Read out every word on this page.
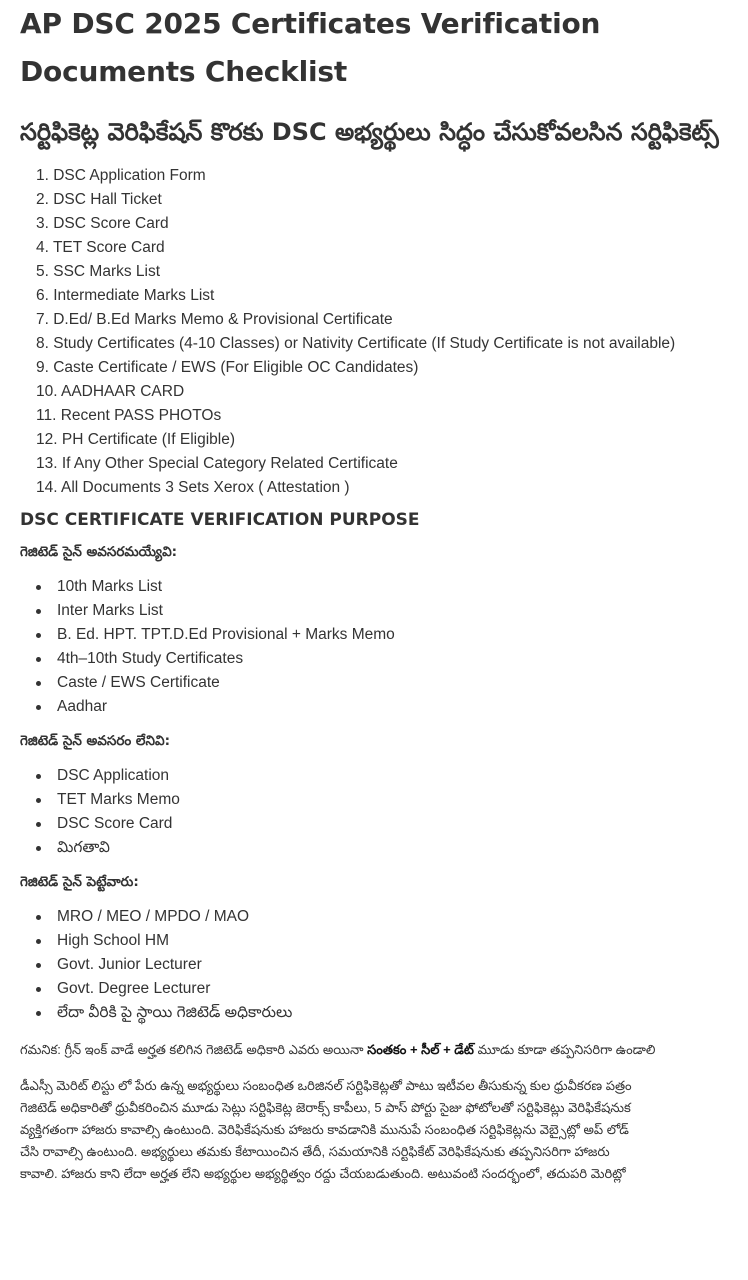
AP DSC 2025 Certificates Verification Documents Checklist
సర్టిఫికెట్ల వెరిఫికేషన్ కొరకు DSC అభ్యర్థులు సిద్ధం చేసుకోవలసిన సర్టిఫికెట్స్
1. DSC Application Form
2. DSC Hall Ticket
3. DSC Score Card
4. TET Score Card
5. SSC Marks List
6. Intermediate Marks List
7. D.Ed/ B.Ed Marks Memo & Provisional Certificate
8. Study Certificates (4-10 Classes) or Nativity Certificate (If Study Certificate is not available)
9. Caste Certificate / EWS (For Eligible OC Candidates)
10. AADHAAR CARD
11. Recent PASS PHOTOs
12. PH Certificate (If Eligible)
13. If Any Other Special Category Related Certificate
14. All Documents 3 Sets Xerox ( Attestation )
DSC CERTIFICATE VERIFICATION PURPOSE
గెజిటెడ్ సైన్ అవసరమయ్యేవి:
10th Marks List
Inter Marks List
B. Ed. HPT. TPT.D.Ed Provisional + Marks Memo
4th–10th Study Certificates
Caste / EWS Certificate
Aadhar
గెజిటెడ్ సైన్ అవసరం లేనివి:
DSC Application
TET Marks Memo
DSC Score Card
మిగతావి
గెజిటెడ్ సైన్ పెట్టేవారు:
MRO / MEO / MPDO / MAO
High School HM
Govt. Junior Lecturer
Govt. Degree Lecturer
లేదా వీరికి పై స్థాయి గెజిటెడ్ అధికారులు

గమనిక: గ్రీన్ ఇంక్ వాడే అర్హత కలిగిన గెజిటెడ్ అధికారి ఎవరు అయినా సంతకం + సీల్ + డేట్ మూడు కూడా తప్పనిసరిగా ఉండాలి

డీఎస్సీ మెరిట్ లిస్టు లో పేరు ఉన్న అభ్యర్థులు సంబంధిత ఒరిజినల్ సర్టిఫికెట్లతో పాటు ఇటీవల తీసుకున్న కుల ధ్రువీకరణ పత్రం

గెజిటెడ్ అధికారితో ధ్రువీకరించిన మూడు సెట్లు సర్టిఫికెట్ల జెరాక్స్ కాపీలు, 5 పాస్ పోర్టు సైజు ఫోటోలతో సర్టిఫికెట్లు వెరిఫికేషనుక

వ్యక్తిగతంగా హాజరు కావాల్సి ఉంటుంది. వెరిఫికేషనుకు హాజరు కావడానికి మునుపే సంబంధిత సర్టిఫికెట్లను వెబ్సైట్లో అప్ లోడ్

చేసి రావాల్సి ఉంటుంది. అభ్యర్థులు తమకు కేటాయించిన తేదీ, సమయానికి సర్టిఫికేట్ వెరిఫికేషనుకు తప్పనిసరిగా హాజరు

కావాలి. హాజరు కాని లేదా అర్హత లేని అభ్యర్థుల అభ్యర్థిత్వం రద్దు చేయబడుతుంది. అటువంటి సందర్భంలో, తదుపరి మెరిట్లో
